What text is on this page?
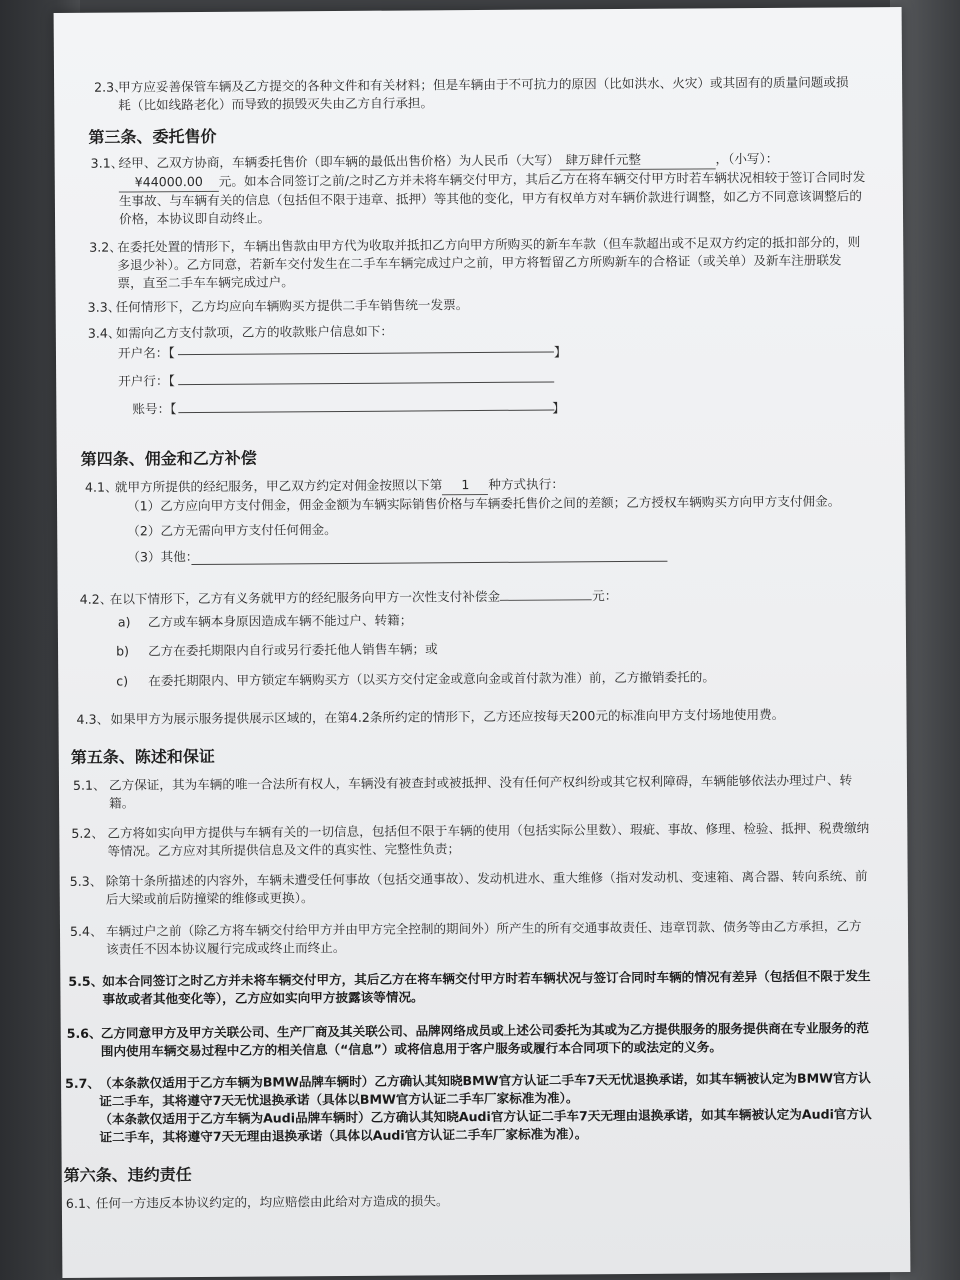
2.3、
甲方应妥善保管车辆及乙方提交的各种文件和有关材料；但是车辆由于不可抗力的原因（比如洪水、火灾）或其固有的质量问题或损耗（比如线路老化）而导致的损毁灭失由乙方自行承担。
第三条、委托售价
3.1、
经甲、乙双方协商，车辆委托售价（即车辆的最低出售价格）为人民币（大写） 肆万肆仟元整	，（小写）：¥44000.00 元。如本合同签订之前/之时乙方并未将车辆交付甲方，其后乙方在将车辆交付甲方时若车辆状况相较于签订合同时发生事故、与车辆有关的信息（包括但不限于违章、抵押）等其他的变化，甲方有权单方对车辆价款进行调整，如乙方不同意该调整后的价格，本协议即自动终止。
3.2、
在委托处置的情形下，车辆出售款由甲方代为收取并抵扣乙方向甲方所购买的新车车款（但车款超出或不足双方约定的抵扣部分的，则多退少补）。乙方同意，若新车交付发生在二手车车辆完成过户之前，甲方将暂留乙方所购新车的合格证（或关单）及新车注册联发票，直至二手车车辆完成过户。
3.3、
任何情形下，乙方均应向车辆购买方提供二手车销售统一发票。
3.4、
如需向乙方支付款项，乙方的收款账户信息如下：
开户名：【	】
开户行：【
账号：【	】
第四条、佣金和乙方补偿
4.1、
就甲方所提供的经纪服务，甲乙双方约定对佣金按照以下第 1 种方式执行：
（1）乙方应向甲方支付佣金，佣金金额为车辆实际销售价格与车辆委托售价之间的差额；乙方授权车辆购买方向甲方支付佣金。
（2）乙方无需向甲方支付任何佣金。
（3）其他：
4.2、
在以下情形下，乙方有义务就甲方的经纪服务向甲方一次性支付补偿金	元：
a) 乙方或车辆本身原因造成车辆不能过户、转籍；
b) 乙方在委托期限内自行或另行委托他人销售车辆；或
c) 在委托期限内、甲方锁定车辆购买方（以买方交付定金或意向金或首付款为准）前，乙方撤销委托的。
4.3、 如果甲方为展示服务提供展示区域的，在第4.2条所约定的情形下，乙方还应按每天200元的标准向甲方支付场地使用费。
第五条、陈述和保证
5.1、 乙方保证，其为车辆的唯一合法所有权人，车辆没有被查封或被抵押、没有任何产权纠纷或其它权利障碍，车辆能够依法办理过户、转籍。
5.2、 乙方将如实向甲方提供与车辆有关的一切信息，包括但不限于车辆的使用（包括实际公里数）、瑕疵、事故、修理、检验、抵押、税费缴纳等情况。乙方应对其所提供信息及文件的真实性、完整性负责；
5.3、 除第十条所描述的内容外，车辆未遭受任何事故（包括交通事故）、发动机进水、重大维修（指对发动机、变速箱、离合器、转向系统、前后大梁或前后防撞梁的维修或更换）。
5.4、 车辆过户之前（除乙方将车辆交付给甲方并由甲方完全控制的期间外）所产生的所有交通事故责任、违章罚款、债务等由乙方承担，乙方该责任不因本协议履行完成或终止而终止。
5.5、
如本合同签订之时乙方并未将车辆交付甲方，其后乙方在将车辆交付甲方时若车辆状况与签订合同时车辆的情况有差异（包括但不限于发生事故或者其他变化等），乙方应如实向甲方披露该等情况。
5.6、
乙方同意甲方及甲方关联公司、生产厂商及其关联公司、品牌网络成员或上述公司委托为其或为乙方提供服务的服务提供商在专业服务的范围内使用车辆交易过程中乙方的相关信息（“信息”）或将信息用于客户服务或履行本合同项下的或法定的义务。
5.7、
（本条款仅适用于乙方车辆为BMW品牌车辆时）乙方确认其知晓BMW官方认证二手车7天无忧退换承诺，如其车辆被认定为BMW官方认证二手车，其将遵守7天无忧退换承诺（具体以BMW官方认证二手车厂家标准为准）。
（本条款仅适用于乙方车辆为Audi品牌车辆时）乙方确认其知晓Audi官方认证二手车7天无理由退换承诺，如其车辆被认定为Audi官方认证二手车，其将遵守7天无理由退换承诺（具体以Audi官方认证二手车厂家标准为准）。
第六条、违约责任
6.1、
任何一方违反本协议约定的，均应赔偿由此给对方造成的损失。
